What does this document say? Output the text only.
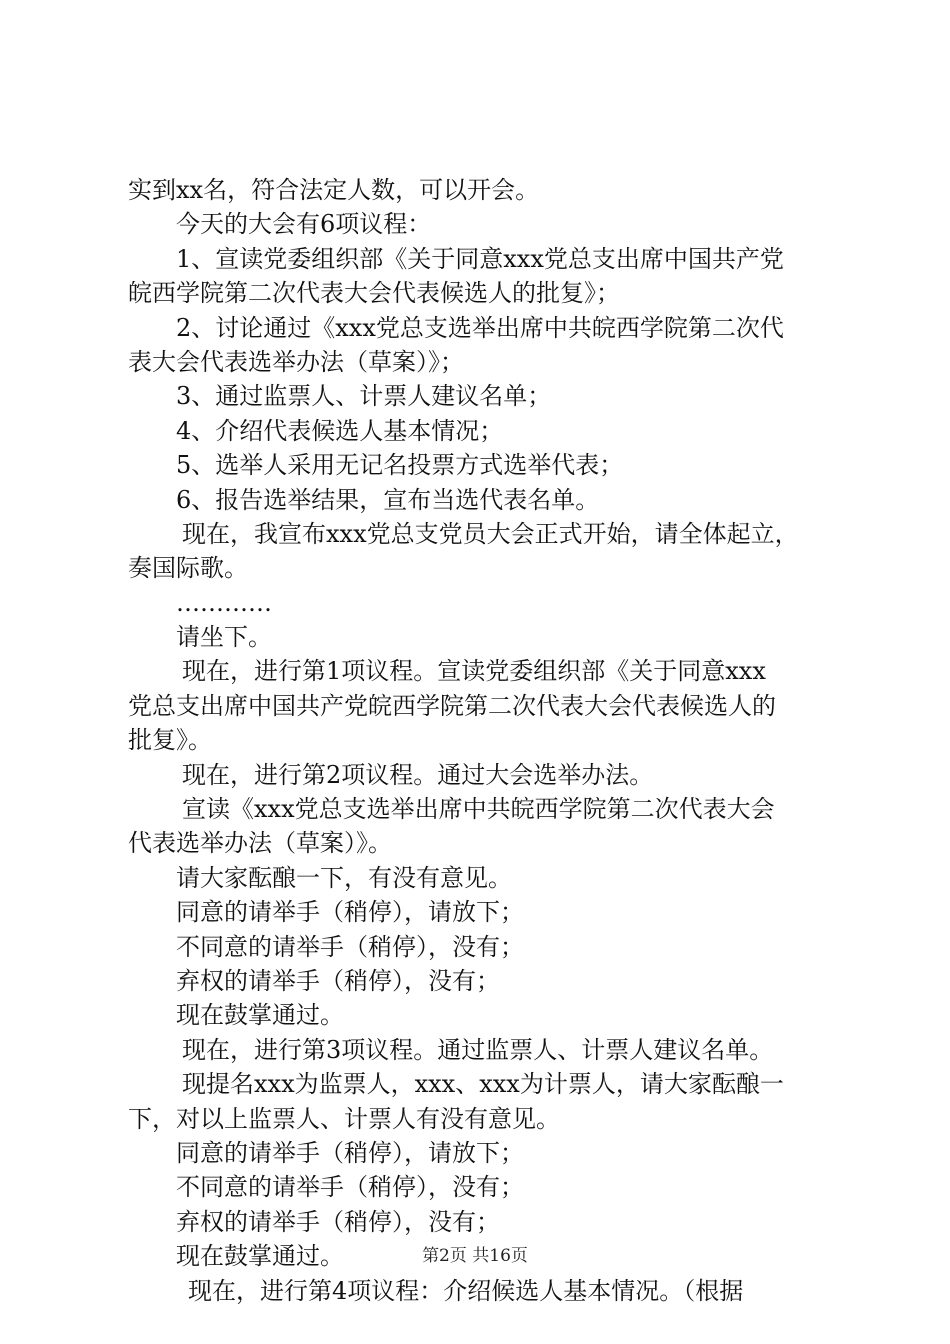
实到xx名，符合法定人数，可以开会。
今天的大会有6项议程：
1、宣读党委组织部《关于同意xxx党总支出席中国共产党
皖西学院第二次代表大会代表候选人的批复》；
2、讨论通过《xxx党总支选举出席中共皖西学院第二次代
表大会代表选举办法（草案）》；
3、通过监票人、计票人建议名单；
4、介绍代表候选人基本情况；
5、选举人采用无记名投票方式选举代表；
6、报告选举结果，宣布当选代表名单。
现在，我宣布xxx党总支党员大会正式开始，请全体起立，
奏国际歌。
…………
请坐下。
现在，进行第1项议程。宣读党委组织部《关于同意xxx
党总支出席中国共产党皖西学院第二次代表大会代表候选人的
批复》。
现在，进行第2项议程。通过大会选举办法。
宣读《xxx党总支选举出席中共皖西学院第二次代表大会
代表选举办法（草案）》。
请大家酝酿一下，有没有意见。
同意的请举手（稍停），请放下；
不同意的请举手（稍停），没有；
弃权的请举手（稍停），没有；
现在鼓掌通过。
现在，进行第3项议程。通过监票人、计票人建议名单。
现提名xxx为监票人，xxx、xxx为计票人，请大家酝酿一
下，对以上监票人、计票人有没有意见。
同意的请举手（稍停），请放下；
不同意的请举手（稍停），没有；
弃权的请举手（稍停），没有；
现在鼓掌通过。
现在，进行第4项议程：介绍候选人基本情况。（根据
第2页 共16页
